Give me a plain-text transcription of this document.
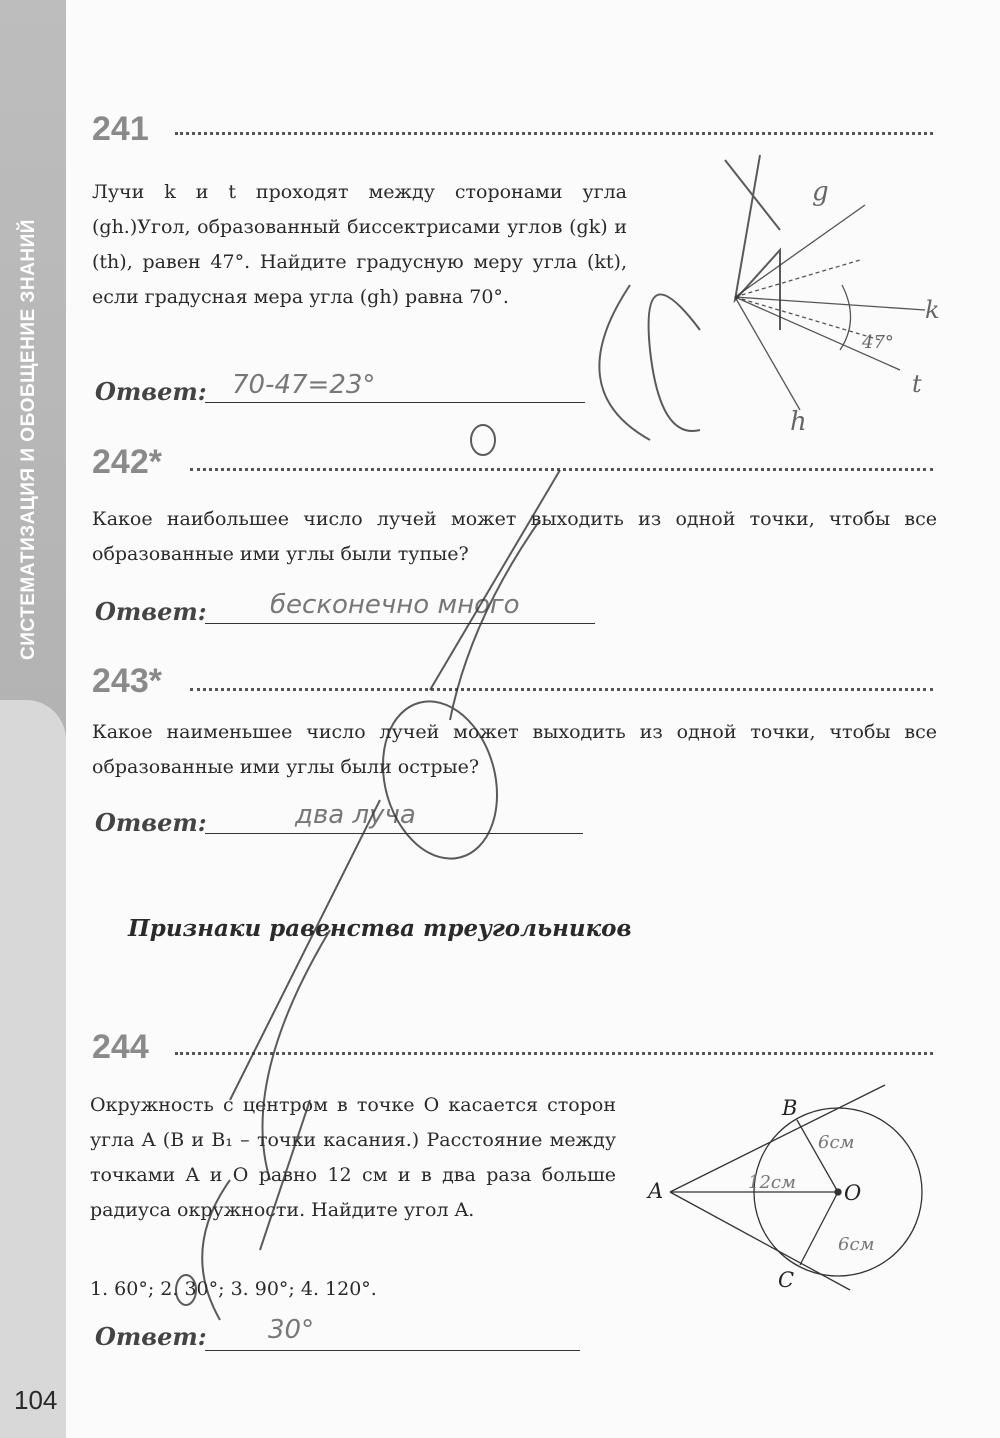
СИСТЕМАТИЗАЦИЯ И ОБОБЩЕНИЕ ЗНАНИЙ
241
Лучи k и t проходят между сторонами угла (gh.)Угол, образованный биссектрисами углов (gk) и (th), равен 47°. Найдите градусную меру угла (kt), если градусная мера угла (gh) равна 70°.
Ответ: 70-47=23°
242*
Какое наибольшее число лучей может выходить из одной точки, чтобы все образованные ими углы были тупые?
Ответ: бесконечно много
243*
Какое наименьшее число лучей может выходить из одной точки, чтобы все образованные ими углы были острые?
Ответ:	два луча
Признаки равенства треугольников
244
Окружность с центром в точке O касается сторон угла A (B и B₁ – точки касания.) Расстояние между точками A и O равно 12 см и в два раза больше радиуса окружности. Найдите угол A.
1. 60°; 2. 30°; 3. 90°; 4. 120°.
Ответ: 30°
104
g
k
t
h
47°
A
B
C
O
12см
6см
6см
